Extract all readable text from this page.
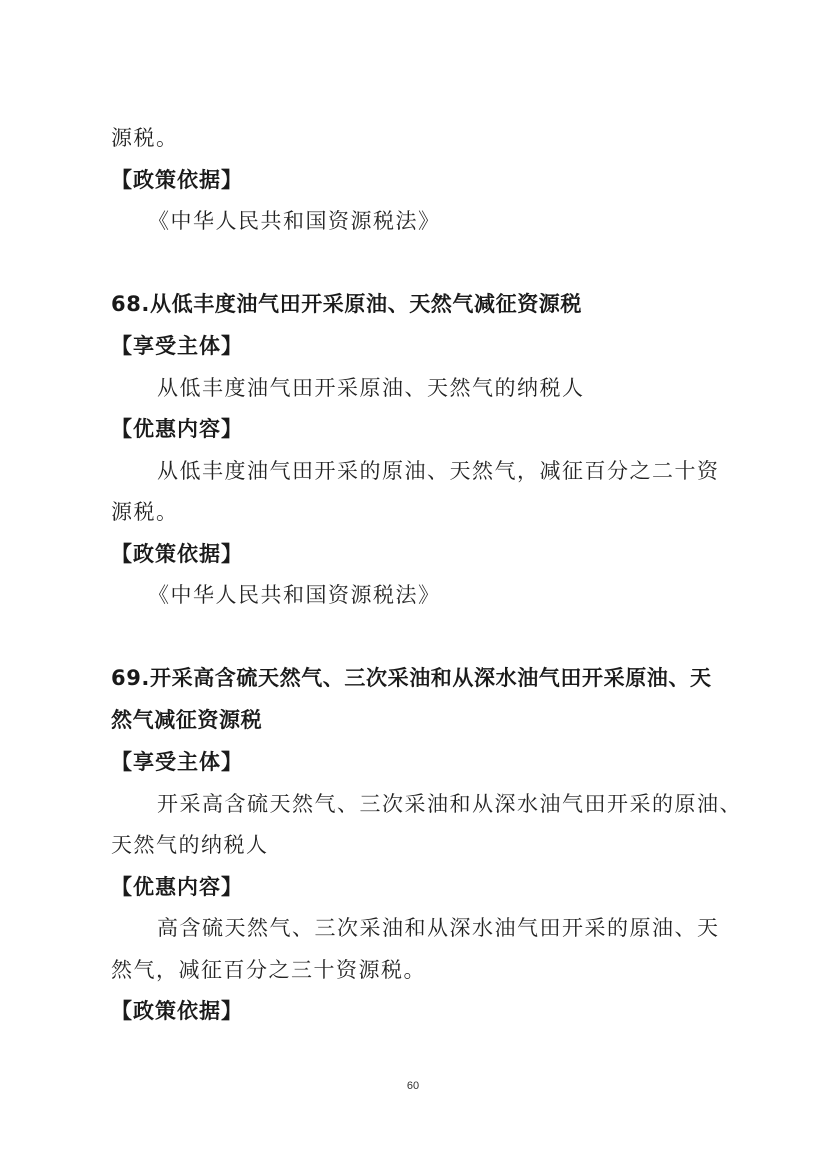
源税。
【政策依据】
《中华人民共和国资源税法》
68.从低丰度油气田开采原油、天然气减征资源税
【享受主体】
从低丰度油气田开采原油、天然气的纳税人
【优惠内容】
从低丰度油气田开采的原油、天然气，减征百分之二十资
源税。
【政策依据】
《中华人民共和国资源税法》
69.开采高含硫天然气、三次采油和从深水油气田开采原油、天
然气减征资源税
【享受主体】
开采高含硫天然气、三次采油和从深水油气田开采的原油、
天然气的纳税人
【优惠内容】
高含硫天然气、三次采油和从深水油气田开采的原油、天
然气，减征百分之三十资源税。
【政策依据】
60
